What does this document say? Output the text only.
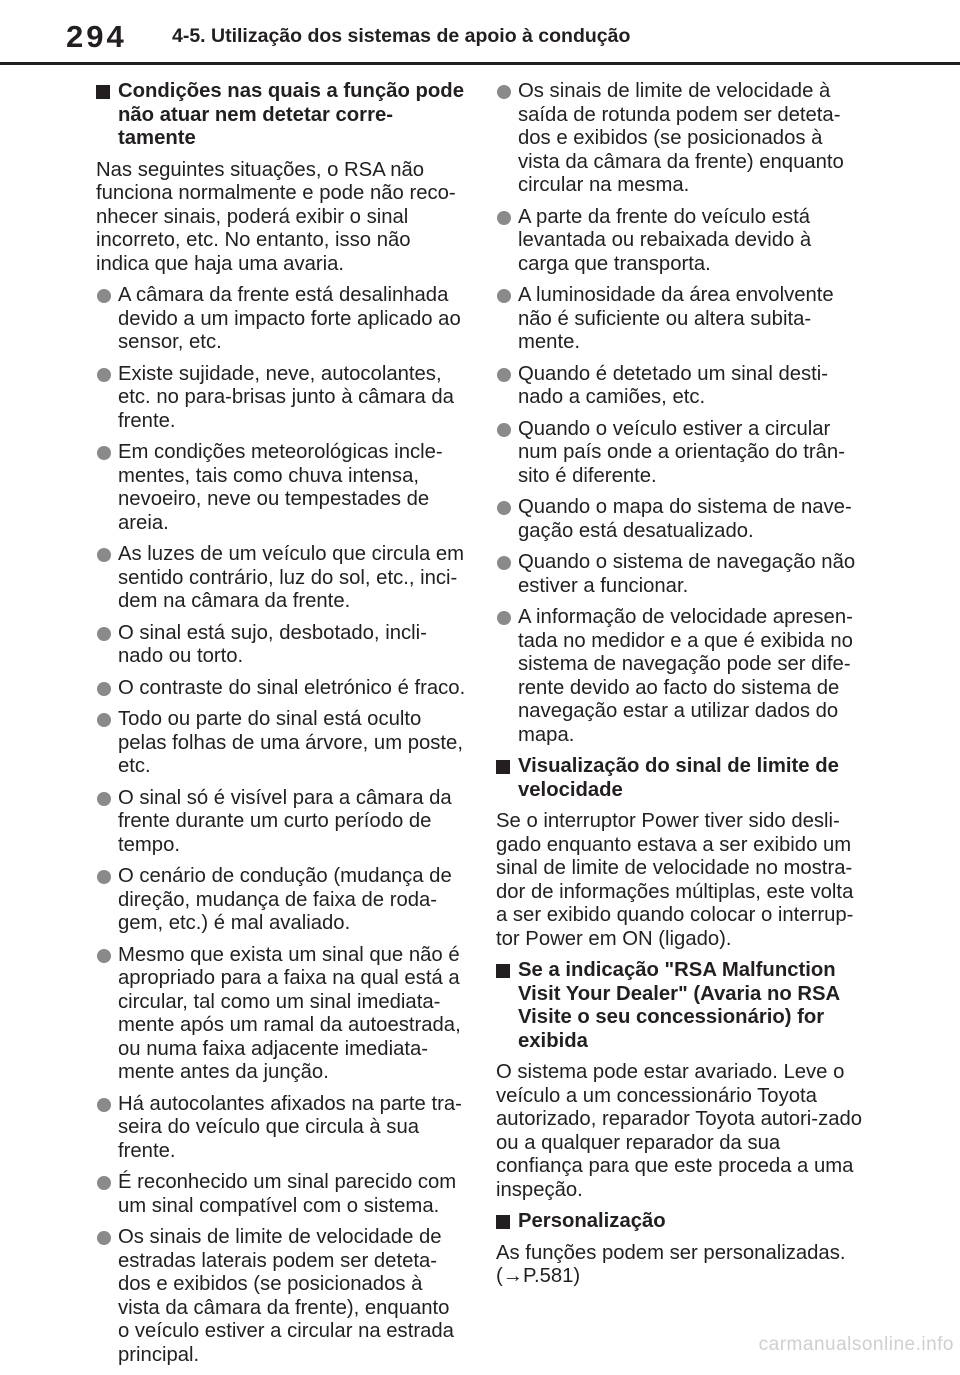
294 4-5. Utilização dos sistemas de apoio à condução
Condições nas quais a função pode não atuar nem detetar corre-tamente
Nas seguintes situações, o RSA não funciona normalmente e pode não reco-nhecer sinais, poderá exibir o sinal incorreto, etc. No entanto, isso não indica que haja uma avaria.
A câmara da frente está desalinhada devido a um impacto forte aplicado ao sensor, etc.
Existe sujidade, neve, autocolantes, etc. no para-brisas junto à câmara da frente.
Em condições meteorológicas incle-mentes, tais como chuva intensa, nevoeiro, neve ou tempestades de areia.
As luzes de um veículo que circula em sentido contrário, luz do sol, etc., inci-dem na câmara da frente.
O sinal está sujo, desbotado, incli-nado ou torto.
O contraste do sinal eletrónico é fraco.
Todo ou parte do sinal está oculto pelas folhas de uma árvore, um poste, etc.
O sinal só é visível para a câmara da frente durante um curto período de tempo.
O cenário de condução (mudança de direção, mudança de faixa de roda-gem, etc.) é mal avaliado.
Mesmo que exista um sinal que não é apropriado para a faixa na qual está a circular, tal como um sinal imediata-mente após um ramal da autoestrada, ou numa faixa adjacente imediata-mente antes da junção.
Há autocolantes afixados na parte tra-seira do veículo que circula à sua frente.
É reconhecido um sinal parecido com um sinal compatível com o sistema.
Os sinais de limite de velocidade de estradas laterais podem ser deteta-dos e exibidos (se posicionados à vista da câmara da frente), enquanto o veículo estiver a circular na estrada principal.
Os sinais de limite de velocidade à saída de rotunda podem ser deteta-dos e exibidos (se posicionados à vista da câmara da frente) enquanto circular na mesma.
A parte da frente do veículo está levantada ou rebaixada devido à carga que transporta.
A luminosidade da área envolvente não é suficiente ou altera subita-mente.
Quando é detetado um sinal desti-nado a camiões, etc.
Quando o veículo estiver a circular num país onde a orientação do trân-sito é diferente.
Quando o mapa do sistema de nave-gação está desatualizado.
Quando o sistema de navegação não estiver a funcionar.
A informação de velocidade apresen-tada no medidor e a que é exibida no sistema de navegação pode ser dife-rente devido ao facto do sistema de navegação estar a utilizar dados do mapa.
Visualização do sinal de limite de velocidade
Se o interruptor Power tiver sido desli-gado enquanto estava a ser exibido um sinal de limite de velocidade no mostra-dor de informações múltiplas, este volta a ser exibido quando colocar o interrup-tor Power em ON (ligado).
Se a indicação "RSA Malfunction Visit Your Dealer" (Avaria no RSA Visite o seu concessionário) for exibida
O sistema pode estar avariado. Leve o veículo a um concessionário Toyota autorizado, reparador Toyota autori-zado ou a qualquer reparador da sua confiança para que este proceda a uma inspeção.
Personalização
As funções podem ser personalizadas. (→P.581)
carmanualsonline.info
